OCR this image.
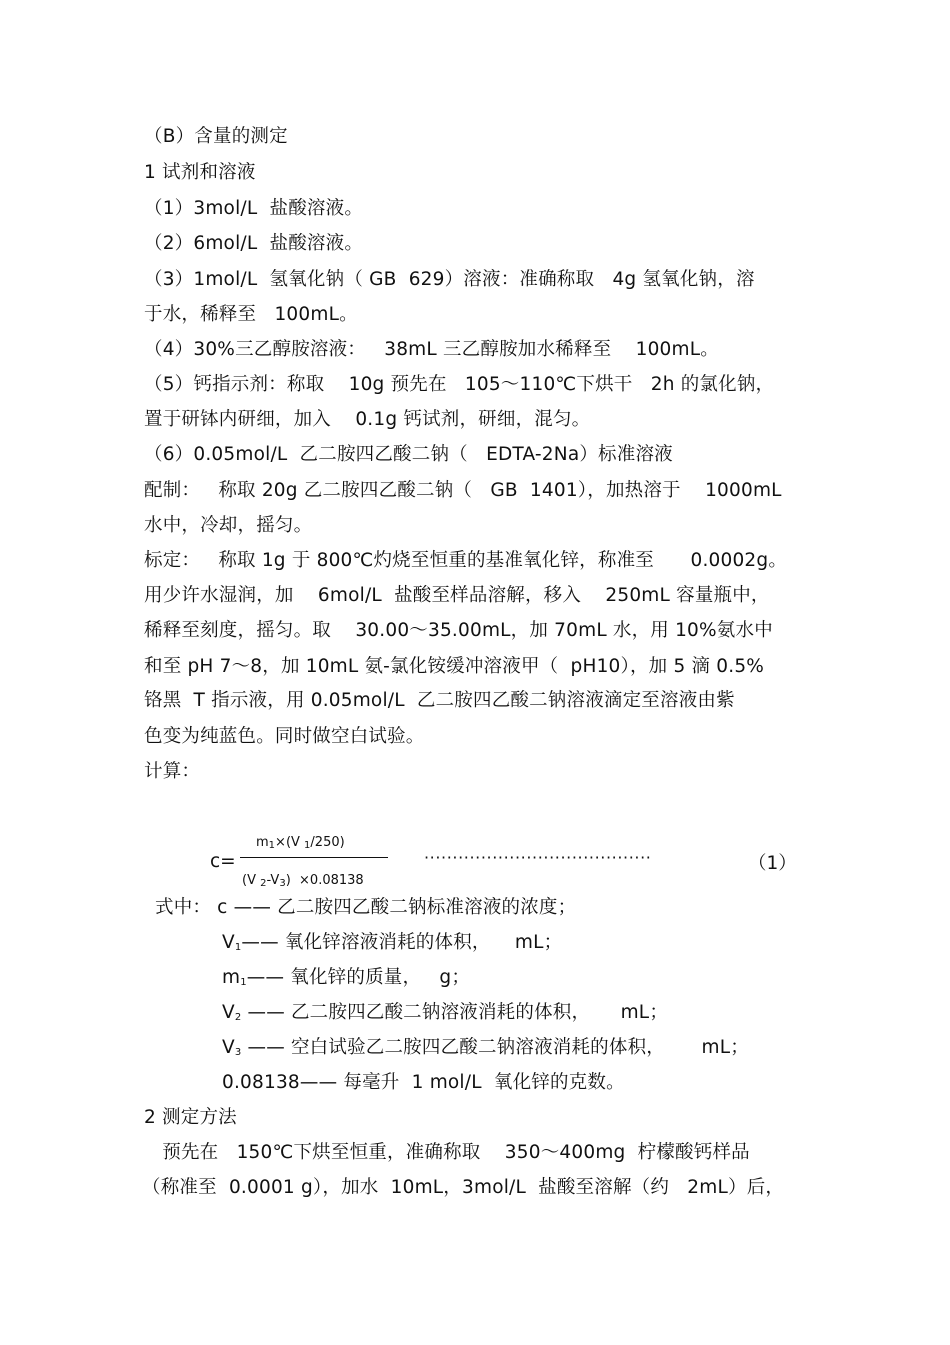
（B）含量的测定
1 试剂和溶液
（1）3mol/L  盐酸溶液。
（2）6mol/L  盐酸溶液。
（3）1mol/L  氢氧化钠（ GB  629）溶液：准确称取   4g 氢氧化钠，溶
于水，稀释至   100mL。
（4）30%三乙醇胺溶液：   38mL 三乙醇胺加水稀释至    100mL。
（5）钙指示剂：称取    10g 预先在   105～110℃下烘干   2h 的氯化钠，
置于研钵内研细，加入    0.1g 钙试剂，研细，混匀。
（6）0.05mol/L  乙二胺四乙酸二钠（   EDTA-2Na）标准溶液
配制：   称取 20g 乙二胺四乙酸二钠（   GB  1401），加热溶于    1000mL
水中，冷却，摇匀。
标定：   称取 1g 于 800℃灼烧至恒重的基准氧化锌，称准至      0.0002g。
用少许水湿润，加    6mol/L  盐酸至样品溶解，移入    250mL 容量瓶中，
稀释至刻度，摇匀。取    30.00～35.00mL，加 70mL 水，用 10%氨水中
和至 pH 7～8，加 10mL 氨-氯化铵缓冲溶液甲（  pH10），加 5 滴 0.5%
铬黑  T 指示液，用 0.05mol/L  乙二胺四乙酸二钠溶液滴定至溶液由紫
色变为纯蓝色。同时做空白试验。
计算：
c=
$m_1\times(V$ $_1$/250)
(V $_2-V_3) \times 0.08138$
········································	（1）
式中： c —— 乙二胺四乙酸二钠标准溶液的浓度；
$V_1——$ 氧化锌溶液消耗的体积，    mL；
$m_1——$ 氧化锌的质量，   g；
$V_2$ —— 乙二胺四乙酸二钠溶液消耗的体积，     mL；
$V_3$ —— 空白试验乙二胺四乙酸二钠溶液消耗的体积，      mL；
0.08138—— 每毫升  1 mol/L  氧化锌的克数。
2 测定方法
预先在   150℃下烘至恒重，准确称取    350～400mg  柠檬酸钙样品
（称准至  0.0001 g），加水  10mL，3mol/L  盐酸至溶解（约   2mL）后，
